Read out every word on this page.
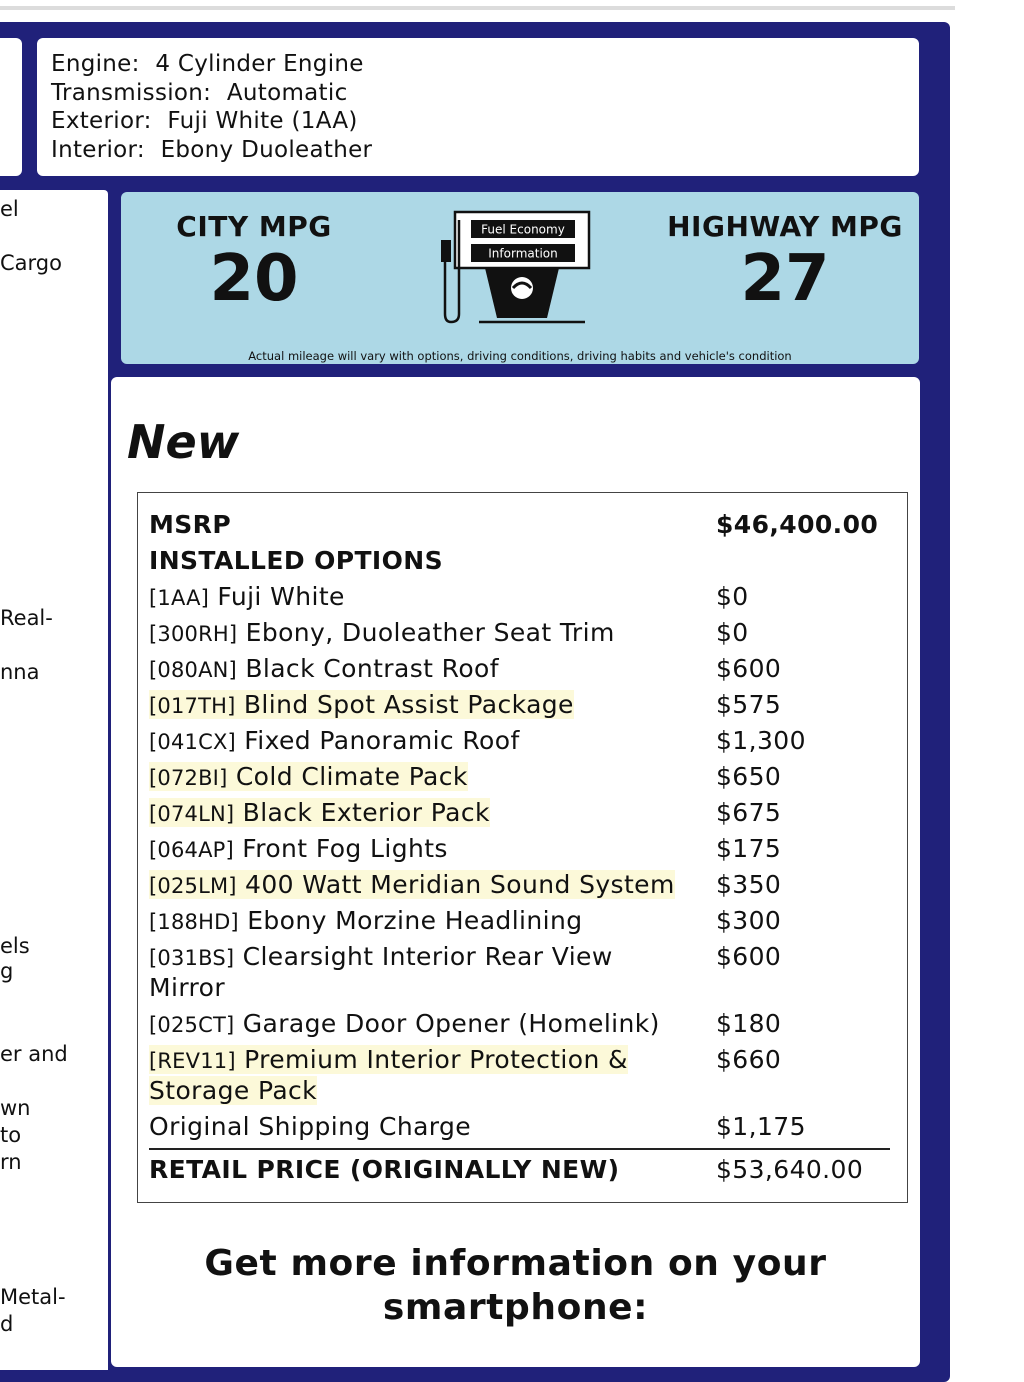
Engine: 4 Cylinder Engine
Transmission: Automatic
Exterior: Fuji White (1AA)
Interior: Ebony Duoleather
el
Cargo
Real-
nna
els
g
er and
wn
to
rn
Metal-
d
CITY MPG
20
Fuel Economy
Information
HIGHWAY MPG
27
Actual mileage will vary with options, driving conditions, driving habits and vehicle's condition
New
MSRP	$46,400.00
INSTALLED OPTIONS
[1AA] Fuji White	$0
[300RH] Ebony, Duoleather Seat Trim	$0
[080AN] Black Contrast Roof	$600
[017TH] Blind Spot Assist Package	$575
[041CX] Fixed Panoramic Roof	$1,300
[072BI] Cold Climate Pack	$650
[074LN] Black Exterior Pack	$675
[064AP] Front Fog Lights	$175
[025LM] 400 Watt Meridian Sound System $350
[188HD] Ebony Morzine Headlining	$300
[031BS] Clearsight Interior Rear View
Mirror
$600
[025CT] Garage Door Opener (Homelink) $180
[REV11] Premium Interior Protection &
Storage Pack
$660
Original Shipping Charge	$1,175
RETAIL PRICE (ORIGINALLY NEW)	$53,640.00
Get more information on your
smartphone:
